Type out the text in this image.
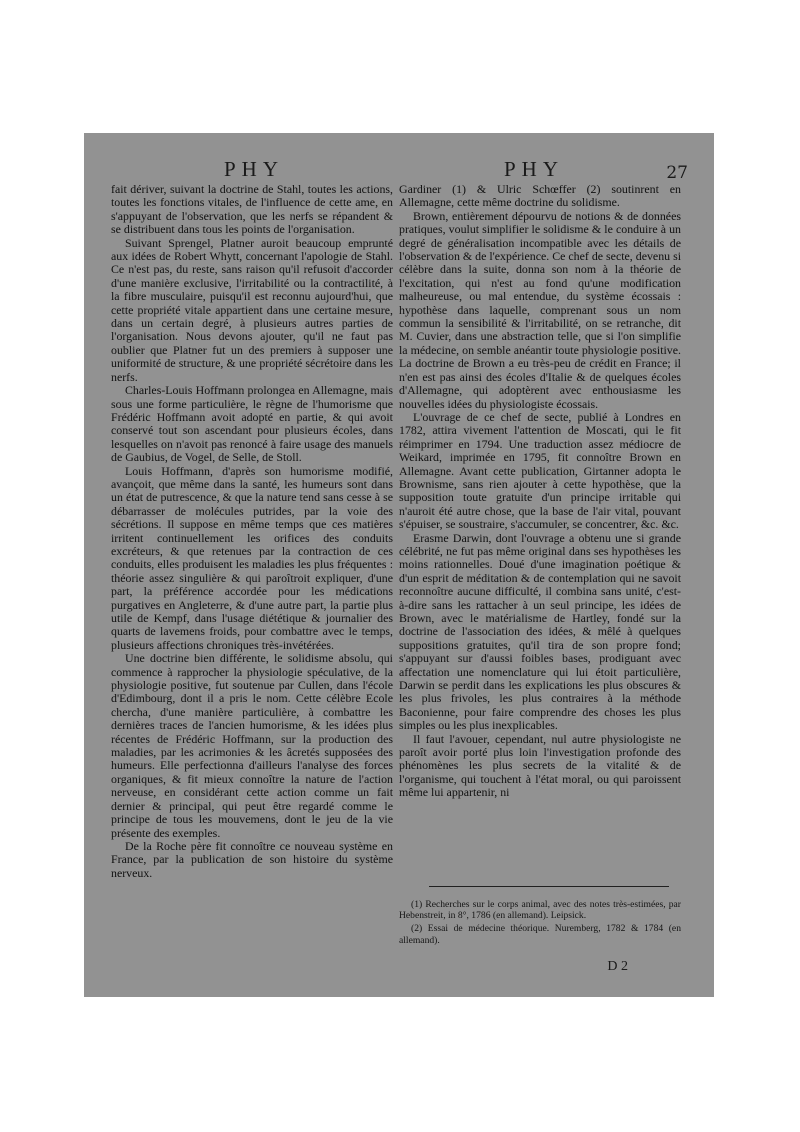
PHY	PHY	27

fait dériver, suivant la doctrine de Stahl, toutes les actions, toutes les fonctions vitales, de l'influence de cette ame, en s'appuyant de l'observation, que les nerfs se répandent & se distribuent dans tous les points de l'organisation.

Suivant Sprengel, Platner auroit beaucoup emprunté aux idées de Robert Whytt, concernant l'apologie de Stahl. Ce n'est pas, du reste, sans raison qu'il refusoit d'accorder d'une manière exclusive, l'irritabilité ou la contractilité, à la fibre musculaire, puisqu'il est reconnu aujourd'hui, que cette propriété vitale appartient dans une certaine mesure, dans un certain degré, à plusieurs autres parties de l'organisation. Nous devons ajouter, qu'il ne faut pas oublier que Platner fut un des premiers à supposer une uniformité de structure, & une propriété sécrétoire dans les nerfs.

Charles-Louis Hoffmann prolongea en Allemagne, mais sous une forme particulière, le règne de l'humorisme que Frédéric Hoffmann avoit adopté en partie, & qui avoit conservé tout son ascendant pour plusieurs écoles, dans lesquelles on n'avoit pas renoncé à faire usage des manuels de Gaubius, de Vogel, de Selle, de Stoll.

Louis Hoffmann, d'après son humorisme modifié, avançoit, que même dans la santé, les humeurs sont dans un état de putrescence, & que la nature tend sans cesse à se débarrasser de molécules putrides, par la voie des sécrétions. Il suppose en même temps que ces matières irritent continuellement les orifices des conduits excréteurs, & que retenues par la contraction de ces conduits, elles produisent les maladies les plus fréquentes : théorie assez singulière & qui paroîtroit expliquer, d'une part, la préférence accordée pour les médications purgatives en Angleterre, & d'une autre part, la partie plus utile de Kempf, dans l'usage diététique & journalier des quarts de lavemens froids, pour combattre avec le temps, plusieurs affections chroniques très-invétérées.

Une doctrine bien différente, le solidisme absolu, qui commence à rapprocher la physiologie spéculative, de la physiologie positive, fut soutenue par Cullen, dans l'école d'Edimbourg, dont il a pris le nom. Cette célèbre Ecole chercha, d'une manière particulière, à combattre les dernières traces de l'ancien humorisme, & les idées plus récentes de Frédéric Hoffmann, sur la production des maladies, par les acrimonies & les âcretés supposées des humeurs. Elle perfectionna d'ailleurs l'analyse des forces organiques, & fit mieux connoître la nature de l'action nerveuse, en considérant cette action comme un fait dernier & principal, qui peut être regardé comme le principe de tous les mouvemens, dont le jeu de la vie présente des exemples.

De la Roche père fit connoître ce nouveau système en France, par la publication de son histoire du système nerveux.

Gardiner (1) & Ulric Schœffer (2) soutinrent en Allemagne, cette même doctrine du solidisme.

Brown, entièrement dépourvu de notions & de données pratiques, voulut simplifier le solidisme & le conduire à un degré de généralisation incompatible avec les détails de l'observation & de l'expérience. Ce chef de secte, devenu si célèbre dans la suite, donna son nom à la théorie de l'excitation, qui n'est au fond qu'une modification malheureuse, ou mal entendue, du système écossais : hypothèse dans laquelle, comprenant sous un nom commun la sensibilité & l'irritabilité, on se retranche, dit M. Cuvier, dans une abstraction telle, que si l'on simplifie la médecine, on semble anéantir toute physiologie positive. La doctrine de Brown a eu très-peu de crédit en France; il n'en est pas ainsi des écoles d'Italie & de quelques écoles d'Allemagne, qui adoptèrent avec enthousiasme les nouvelles idées du physiologiste écossais.

L'ouvrage de ce chef de secte, publié à Londres en 1782, attira vivement l'attention de Moscati, qui le fit réimprimer en 1794. Une traduction assez médiocre de Weikard, imprimée en 1795, fit connoître Brown en Allemagne. Avant cette publication, Girtanner adopta le Brownisme, sans rien ajouter à cette hypothèse, que la supposition toute gratuite d'un principe irritable qui n'auroit été autre chose, que la base de l'air vital, pouvant s'épuiser, se soustraire, s'accumuler, se concentrer, &c. &c.

Erasme Darwin, dont l'ouvrage a obtenu une si grande célébrité, ne fut pas même original dans ses hypothèses les moins rationnelles. Doué d'une imagination poétique & d'un esprit de méditation & de contemplation qui ne savoit reconnoître aucune difficulté, il combina sans unité, c'est-à-dire sans les rattacher à un seul principe, les idées de Brown, avec le matérialisme de Hartley, fondé sur la doctrine de l'association des idées, & mêlé à quelques suppositions gratuites, qu'il tira de son propre fond; s'appuyant sur d'aussi foibles bases, prodiguant avec affectation une nomenclature qui lui étoit particulière, Darwin se perdit dans les explications les plus obscures & les plus frivoles, les plus contraires à la méthode Baconienne, pour faire comprendre des choses les plus simples ou les plus inexplicables.

Il faut l'avouer, cependant, nul autre physiologiste ne paroît avoir porté plus loin l'investigation profonde des phénomènes les plus secrets de la vitalité & de l'organisme, qui touchent à l'état moral, ou qui paroissent même lui appartenir, ni

(1) Recherches sur le corps animal, avec des notes très-estimées, par Hebenstreit, in 8°, 1786 (en allemand). Leipsick.

(2) Essai de médecine théorique. Nuremberg, 1782 & 1784 (en allemand).

D 2
